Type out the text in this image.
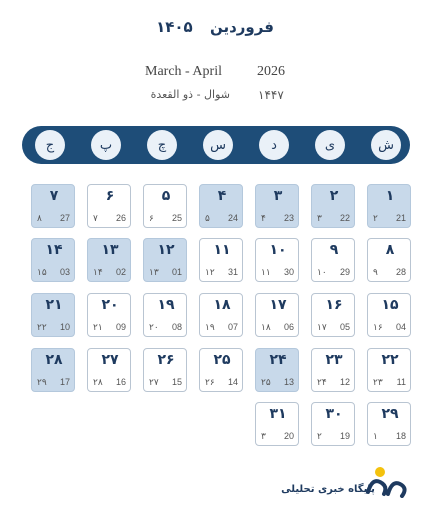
فروردین ۱۴۰۵
March - April	2026
شوال - ذو القعدة ۱۴۴۷
ش
ی
د
س
چ
پ
ج
۱
21
۲
۲
22
۳
۳
23
۴
۴
24
۵
۵
25
۶
۶
26
۷
۷
27
۸
۸
28
۹
۹
29
۱۰
۱۰
30
۱۱
۱۱
31
۱۲
۱۲
01
۱۳
۱۳
02
۱۴
۱۴
03
۱۵
۱۵
04
۱۶
۱۶
05
۱۷
۱۷
06
۱۸
۱۸
07
۱۹
۱۹
08
۲۰
۲۰
09
۲۱
۲۱
10
۲۲
۲۲
11
۲۳
۲۳
12
۲۴
۲۴
13
۲۵
۲۵
14
۲۶
۲۶
15
۲۷
۲۷
16
۲۸
۲۸
17
۲۹
۲۹
18
۱
۳۰
19
۲
۳۱
20
۳
پایگاه خبری تحلیلی
